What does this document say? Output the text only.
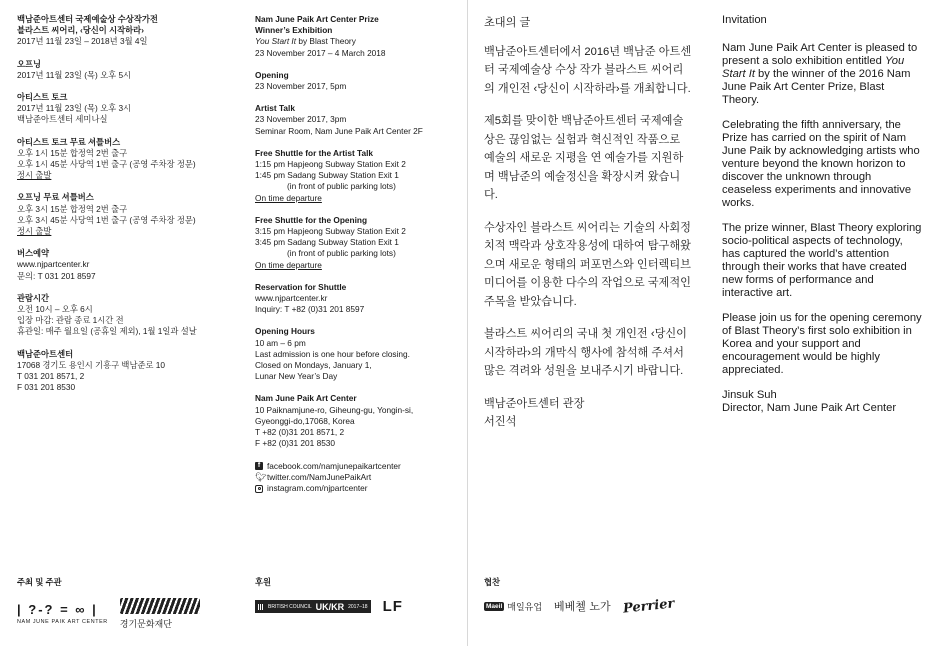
백남준아트센터 국제예술상 수상작가전
블라스트 씨어리, ‹당신이 시작하라›
2017년 11월 23일 – 2018년 3월 4일
오프닝
2017년 11월 23일 (목) 오후 5시
아티스트 토크
2017년 11월 23일 (목) 오후 3시
백남준아트센터 세미나실
아티스트 토크 무료 셔틀버스
오후 1시 15분 합정역 2번 출구
오후 1시 45분 사당역 1번 출구 (공영 주차장 정문)
정시 출발
오프닝 무료 셔틀버스
오후 3시 15분 합정역 2번 출구
오후 3시 45분 사당역 1번 출구 (공영 주차장 정문)
정시 출발
버스예약
www.njpartcenter.kr
문의: T 031 201 8597
관람시간
오전 10시 – 오후 6시
입장 마감: 관람 종료 1시간 전
휴관일: 매주 월요일 (공휴일 제외), 1월 1일과 설날
백남준아트센터
17068 경기도 용인시 기흥구 백남준로 10
T 031 201 8571, 2
F 031 201 8530
Nam June Paik Art Center Prize
Winner’s Exhibition
You Start It by Blast Theory
23 November 2017 – 4 March 2018
Opening
23 November 2017, 5pm
Artist Talk
23 November 2017, 3pm
Seminar Room, Nam June Paik Art Center 2F
Free Shuttle for the Artist Talk
1:15 pm Hapjeong Subway Station Exit 2
1:45 pm Sadang Subway Station Exit 1
(in front of public parking lots)
On time departure
Free Shuttle for the Opening
3:15 pm Hapjeong Subway Station Exit 2
3:45 pm Sadang Subway Station Exit 1
(in front of public parking lots)
On time departure
Reservation for Shuttle
www.njpartcenter.kr
Inquiry: T +82 (0)31 201 8597
Opening Hours
10 am – 6 pm
Last admission is one hour before closing.
Closed on Mondays, January 1,
Lunar New Year’s Day
Nam June Paik Art Center
10 Paiknamjune-ro, Giheung-gu, Yongin-si,
Gyeonggi-do,17068, Korea
T +82 (0)31 201 8571, 2
F +82 (0)31 201 8530
f facebook.com/namjunepaikartcenter
🐦︎ twitter.com/NamJunePaikArt
instagram.com/njpartcenter
초대의 글
백남준아트센터에서 2016년 백남준 아트센터 국제예술상 수상 작가 블라스트 씨어리의 개인전 ‹당신이 시작하라›를 개최합니다.
제5회를 맞이한 백남준아트센터 국제예술상은 끊임없는 실험과 혁신적인 작품으로 예술의 새로운 지평을 연 예술가를 지원하며 백남준의 예술정신을 확장시켜 왔습니다.
수상자인 블라스트 씨어리는 기술의 사회정치적 맥락과 상호작용성에 대하여 탐구해왔으며 새로운 형태의 퍼포먼스와 인터렉티브 미디어를 이용한 다수의 작업으로 국제적인 주목을 받았습니다.
블라스트 씨어리의 국내 첫 개인전 ‹당신이 시작하라›의 개막식 행사에 참석해 주셔서 많은 격려와 성원을 보내주시기 바랍니다.
백남준아트센터 관장
서진석
Invitation
Nam June Paik Art Center is pleased to present a solo exhibition entitled You Start It by the winner of the 2016 Nam June Paik Art Center Prize, Blast Theory.
Celebrating the fifth anniversary, the Prize has carried on the spirit of Nam June Paik by acknowledging artists who venture beyond the known horizon to discover the unknown through ceaseless experiments and innovative works.
The prize winner, Blast Theory exploring socio-political aspects of technology, has captured the world’s attention through their works that have created new forms of performance and interactive art.
Please join us for the opening ceremony of Blast Theory’s first solo exhibition in Korea and your support and encouragement would be highly appreciated.
Jinsuk Suh
Director, Nam June Paik Art Center
주최 및 주관
| ?-? = ∞ |
NAM JUNE PAIK ART CENTER 경기문화재단
후원
BRITISH COUNCIL UK/KR 2017–18 LF
협찬
Maeil 매일유업 베베첼 노가 Perrier
